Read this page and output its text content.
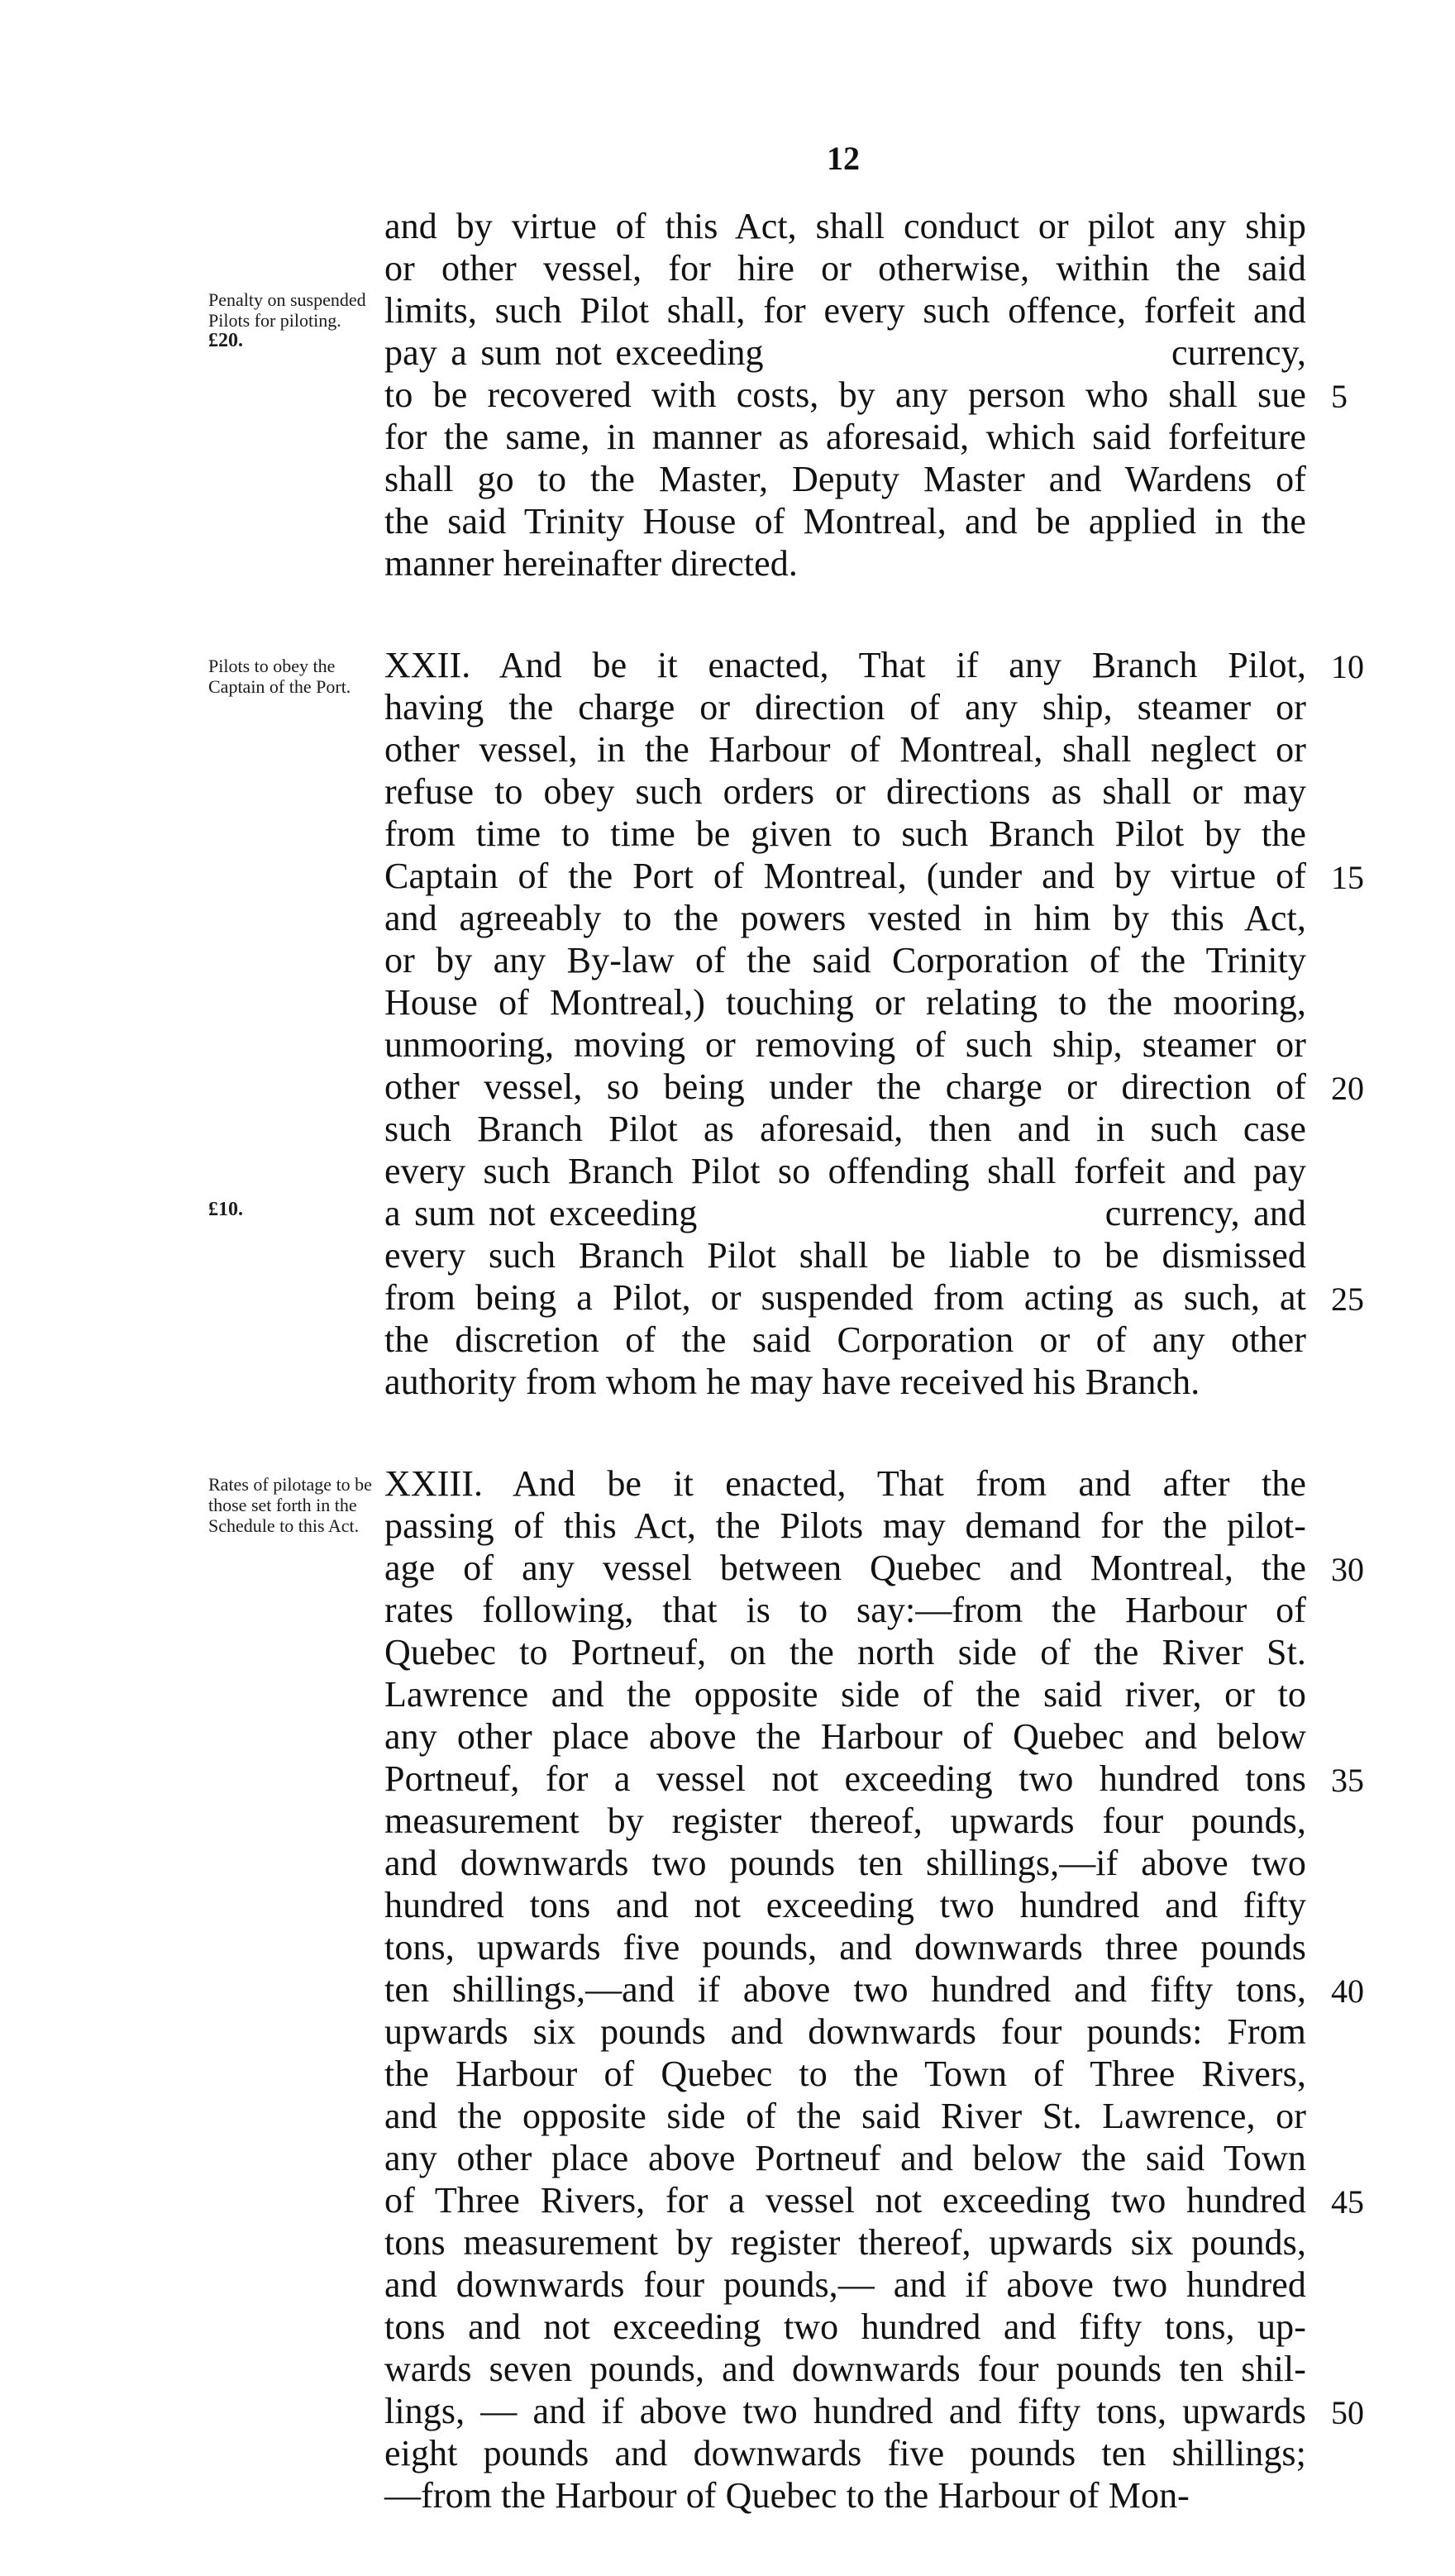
12
Penalty on suspended Pilots for piloting.
£20.
and by virtue of this Act, shall conduct or pilot any ship
or other vessel, for hire or otherwise, within the said
limits, such Pilot shall, for every such offence, forfeit and
pay a sum not exceeding                              currency,
to be recovered with costs, by any person who shall sue 5
for the same, in manner as aforesaid, which said forfeiture
shall go to the Master, Deputy Master and Wardens of
the said Trinity House of Montreal, and be applied in the
manner hereinafter directed.
Pilots to obey the Captain of the Port.
£10.
XXII. And be it enacted, That if any Branch Pilot, 10
having the charge or direction of any ship, steamer or
other vessel, in the Harbour of Montreal, shall neglect or
refuse to obey such orders or directions as shall or may
from time to time be given to such Branch Pilot by the
Captain of the Port of Montreal, (under and by virtue of 15
and agreeably to the powers vested in him by this Act,
or by any By-law of the said Corporation of the Trinity
House of Montreal,) touching or relating to the mooring,
unmooring, moving or removing of such ship, steamer or
other vessel, so being under the charge or direction of 20
such Branch Pilot as aforesaid, then and in such case
every such Branch Pilot so offending shall forfeit and pay
a sum not exceeding                              currency, and
every such Branch Pilot shall be liable to be dismissed
from being a Pilot, or suspended from acting as such, at 25
the discretion of the said Corporation or of any other
authority from whom he may have received his Branch.
Rates of pilotage to be those set forth in the Schedule to this Act.
XXIII. And be it enacted, That from and after the
passing of this Act, the Pilots may demand for the pilot-
age of any vessel between Quebec and Montreal, the 30
rates following, that is to say:—from the Harbour of
Quebec to Portneuf, on the north side of the River St.
Lawrence and the opposite side of the said river, or to
any other place above the Harbour of Quebec and below
Portneuf, for a vessel not exceeding two hundred tons 35
measurement by register thereof, upwards four pounds,
and downwards two pounds ten shillings,—if above two
hundred tons and not exceeding two hundred and fifty
tons, upwards five pounds, and downwards three pounds
ten shillings,—and if above two hundred and fifty tons, 40
upwards six pounds and downwards four pounds: From
the Harbour of Quebec to the Town of Three Rivers,
and the opposite side of the said River St. Lawrence, or
any other place above Portneuf and below the said Town
of Three Rivers, for a vessel not exceeding two hundred 45
tons measurement by register thereof, upwards six pounds,
and downwards four pounds,— and if above two hundred
tons and not exceeding two hundred and fifty tons, up-
wards seven pounds, and downwards four pounds ten shil-
lings, — and if above two hundred and fifty tons, upwards 50
eight pounds and downwards five pounds ten shillings;
—from the Harbour of Quebec to the Harbour of Mon-
